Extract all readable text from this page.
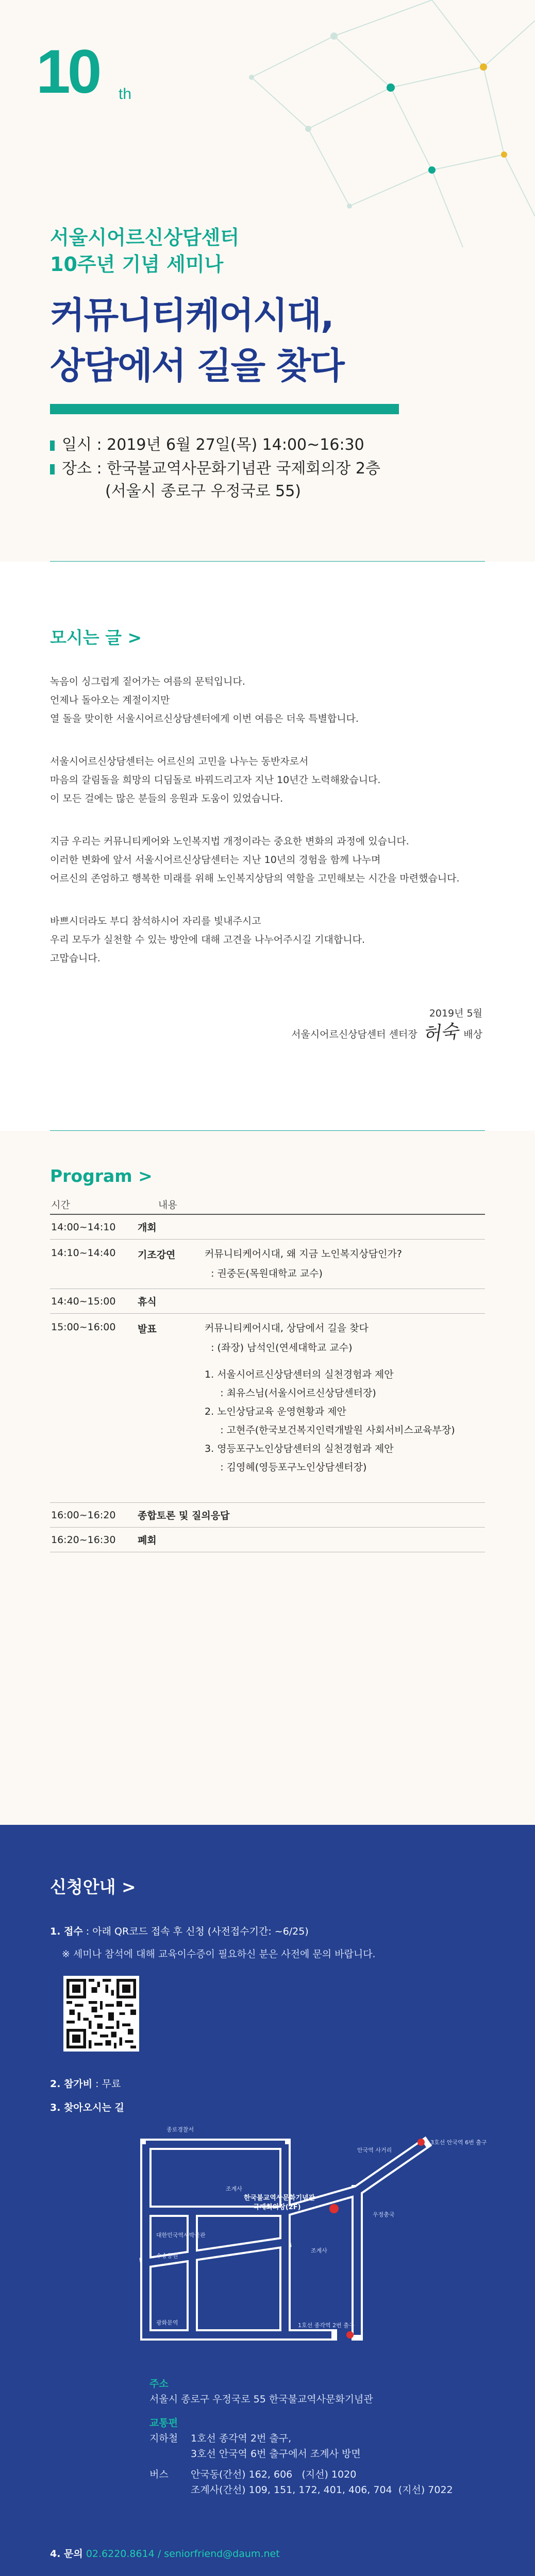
10 th
서울시어르신상담센터
10주년 기념 세미나
커뮤니티케어시대,
상담에서 길을 찾다
일시 : 2019년 6월 27일(목) 14:00~16:30
장소 : 한국불교역사문화기념관 국제회의장 2층
(서울시 종로구 우정국로 55)
모시는 글 >
녹음이 싱그럽게 짙어가는 여름의 문턱입니다.
언제나 돌아오는 계절이지만
열 돌을 맞이한 서울시어르신상담센터에게 이번 여름은 더욱 특별합니다.
서울시어르신상담센터는 어르신의 고민을 나누는 동반자로서
마음의 갈림돌을 희망의 디딤돌로 바꿔드리고자 지난 10년간 노력해왔습니다.
이 모든 걸에는 많은 분들의 응원과 도움이 있었습니다.
지금 우리는 커뮤니티케어와 노인복지법 개정이라는 중요한 변화의 과정에 있습니다.
이러한 변화에 앞서 서울시어르신상담센터는 지난 10년의 경험을 함께 나누며
어르신의 존엄하고 행복한 미래를 위해 노인복지상담의 역할을 고민해보는 시간을 마련했습니다.
바쁘시더라도 부디 참석하시어 자리를 빛내주시고
우리 모두가 실천할 수 있는 방안에 대해 고견을 나누어주시길 기대합니다.
고맙습니다.
2019년 5월
서울시어르신상담센터 센터장 허숙 배상
Program >
시간	내용
14:00~14:10	개회
14:10~14:40	기조강연	커뮤니티케어시대, 왜 지금 노인복지상담인가?
: 권중돈(목원대학교 교수)
14:40~15:00	휴식
15:00~16:00	발표	커뮤니티케어시대, 상담에서 길을 찾다
: (좌장) 남석인(연세대학교 교수)
1. 서울시어르신상담센터의 실천경험과 제안
: 최유스님(서울시어르신상담센터장)
2. 노인상담교육 운영현황과 제안
: 고현주(한국보건복지인력개발원 사회서비스교육부장)
3. 영등포구노인상담센터의 실천경험과 제안
: 김영혜(영등포구노인상담센터장)
16:00~16:20	종합토론 및 질의응답
16:20~16:30	폐회
신청안내 >
1. 접수 : 아래 QR코드 접속 후 신청 (사전접수기간: ~6/25)
※ 세미나 참석에 대해 교육이수증이 필요하신 분은 사전에 문의 바랍니다.
2. 참가비 : 무료
3. 찾아오시는 길
종로경찰서
조계사
대한민국역사박물관
수송공원
광화문역
안국역 사거리
3호선 안국역 6번 출구
우정총국
조계사
1호선 종각역 2번 출구
한국불교역사문화기념관
국제회의장(2F)
주소
서울시 종로구 우정국로 55 한국불교역사문화기념관
교통편
지하철	1호선 종각역 2번 출구,
3호선 안국역 6번 출구에서 조계사 방면
버스	안국동(간선) 162, 606   (지선) 1020
조계사(간선) 109, 151, 172, 401, 406, 704  (지선) 7022
4. 문의 02.6220.8614 / seniorfriend@daum.net
